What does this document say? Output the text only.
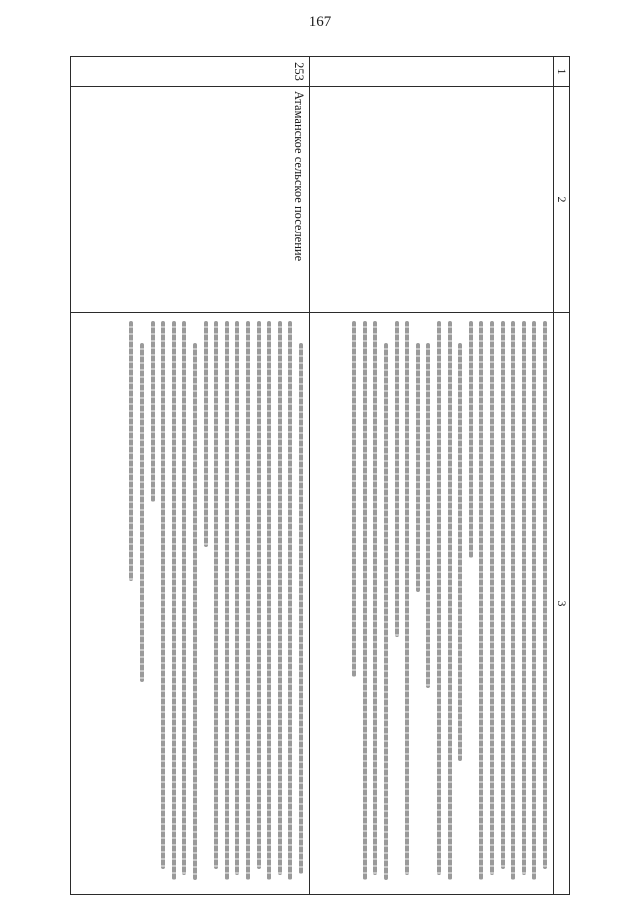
167
1	2	3

253	Атаманское сельское поселение	
